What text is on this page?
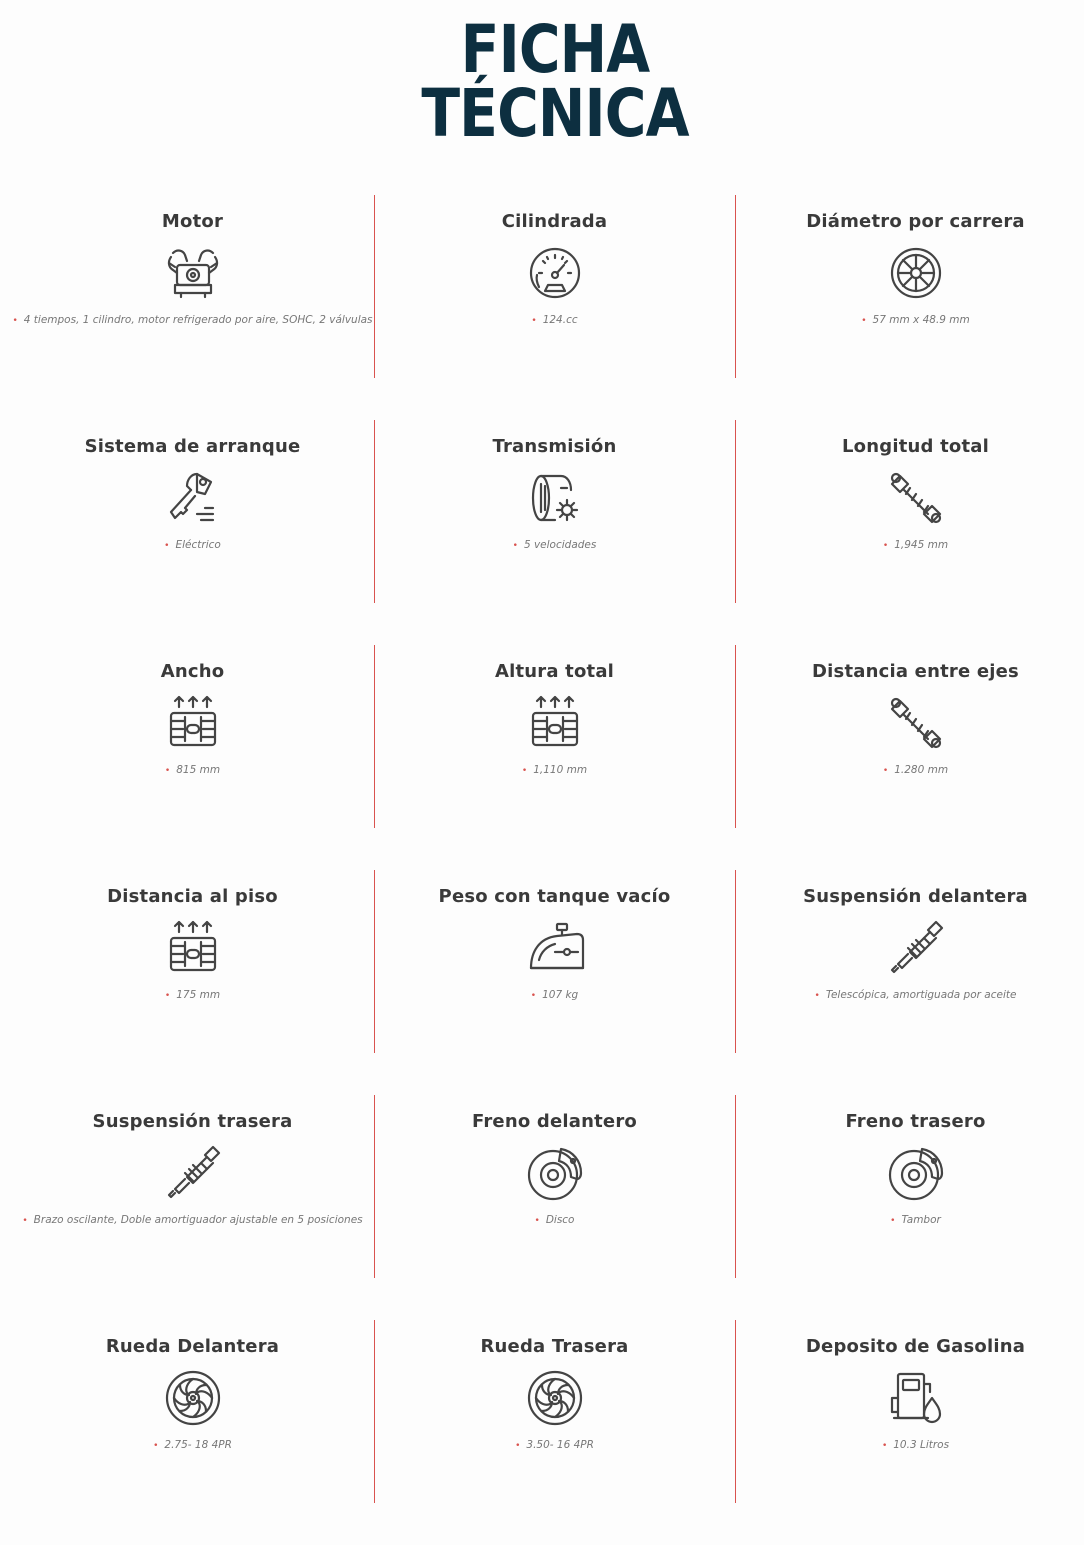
FICHA
TÉCNICA
Motor
• 4 tiempos, 1 cilindro, motor refrigerado por aire, SOHC, 2 válvulas
Cilindrada
• 124.cc
Diámetro por carrera
• 57 mm x 48.9 mm
Sistema de arranque
• Eléctrico
Transmisión
• 5 velocidades
Longitud total
• 1,945 mm
Ancho
• 815 mm
Altura total
• 1,110 mm
Distancia entre ejes
• 1.280 mm
Distancia al piso
• 175 mm
Peso con tanque vacío
• 107 kg
Suspensión delantera
• Telescópica, amortiguada por aceite
Suspensión trasera
• Brazo oscilante, Doble amortiguador ajustable en 5 posiciones
Freno delantero
• Disco
Freno trasero
• Tambor
Rueda Delantera
• 2.75- 18 4PR
Rueda Trasera
• 3.50- 16 4PR
Deposito de Gasolina
• 10.3 Litros
